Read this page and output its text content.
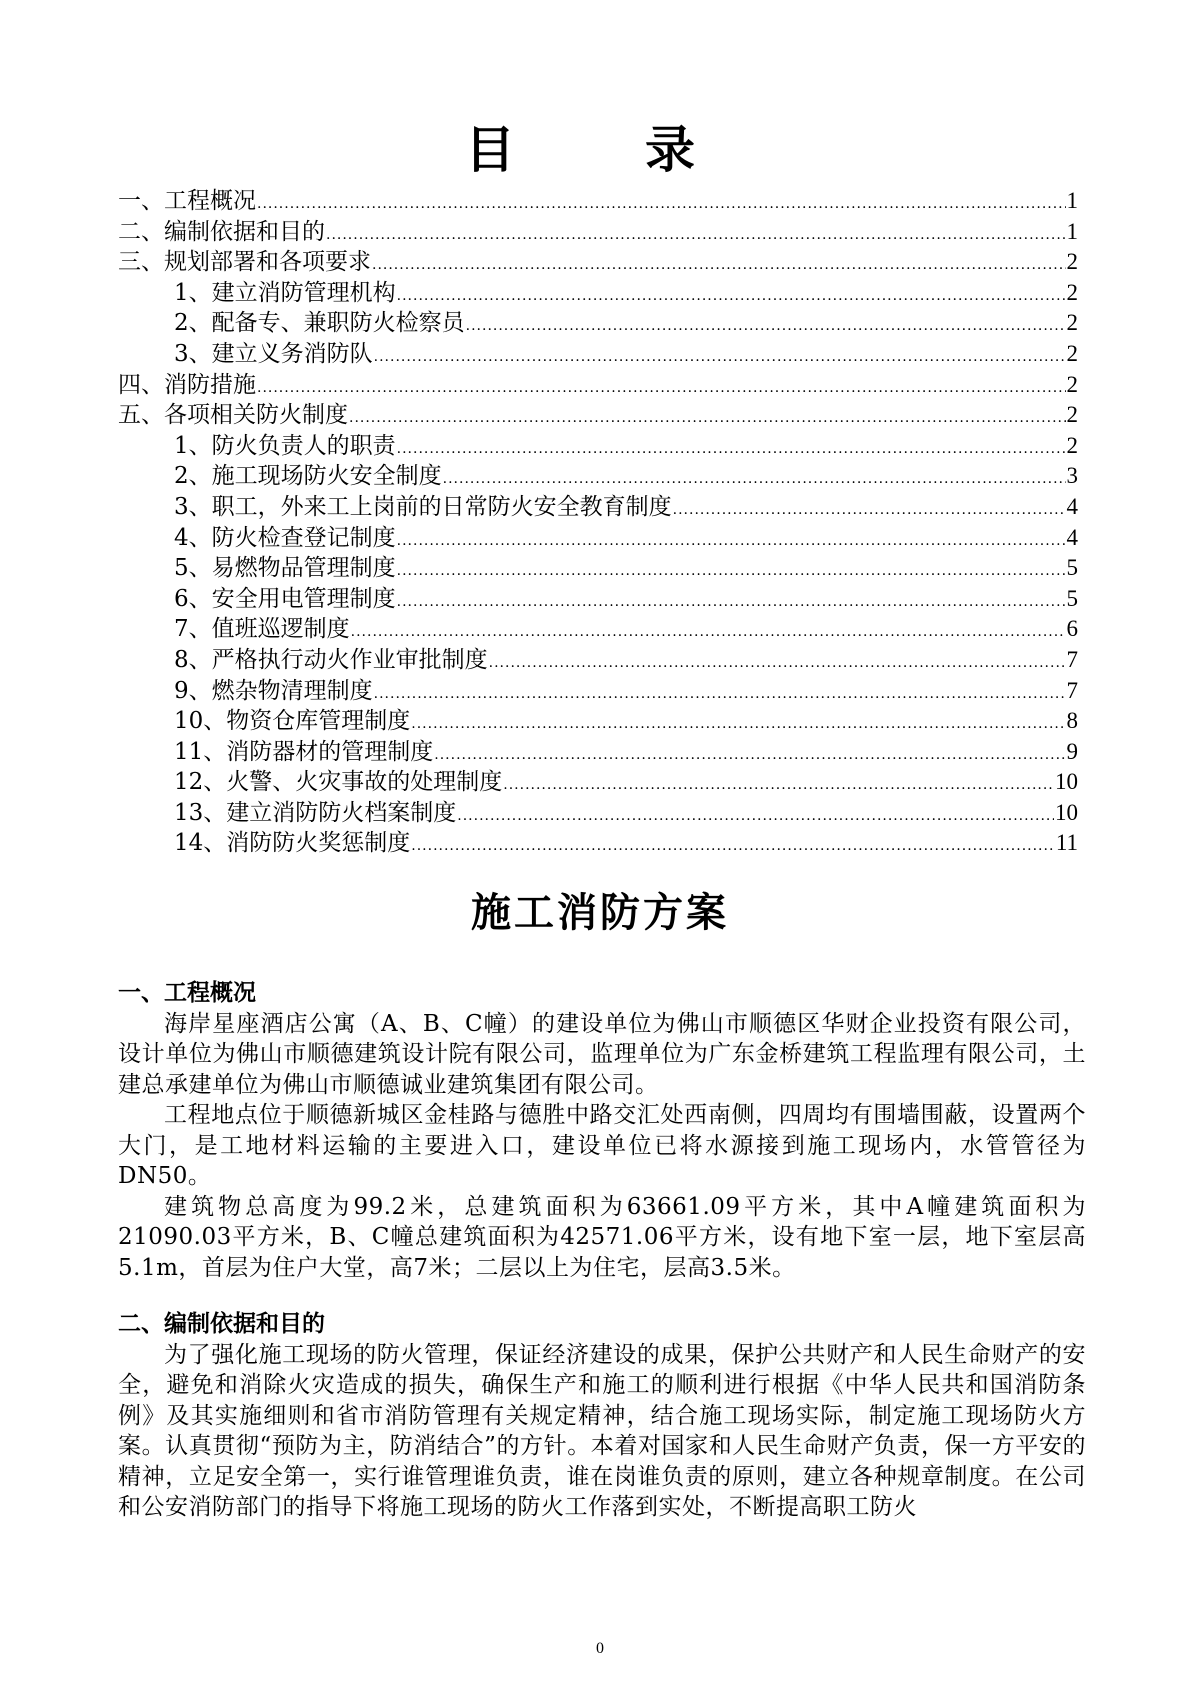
目　录
一、工程概况 .....	1
二、编制依据和目的 .....	1
三、规划部署和各项要求 .....	2
1、建立消防管理机构 .....	2
2、配备专、兼职防火检察员 .....	2
3、建立义务消防队 .....	2
四、消防措施 .....	2
五、各项相关防火制度 .....	2
1、防火负责人的职责 .....	2
2、施工现场防火安全制度 .....	3
3、职工，外来工上岗前的日常防火安全教育制度 .....	4
4、防火检查登记制度 .....	4
5、易燃物品管理制度 .....	5
6、安全用电管理制度 .....	5
7、值班巡逻制度 .....	6
8、严格执行动火作业审批制度 .....	7
9、燃杂物清理制度 .....	7
10、物资仓库管理制度 .....	8
11、消防器材的管理制度 .....	9
12、火警、火灾事故的处理制度 .....	10
13、建立消防防火档案制度 .....	10
14、消防防火奖惩制度 .....	11
施工消防方案
一、工程概况

海岸星座酒店公寓（A、B、C幢）的建设单位为佛山市顺德区华财企业投资有限公司，设计单位为佛山市顺德建筑设计院有限公司，监理单位为广东金桥建筑工程监理有限公司，土建总承建单位为佛山市顺德诚业建筑集团有限公司。

工程地点位于顺德新城区金桂路与德胜中路交汇处西南侧，四周均有围墙围蔽，设置两个大门，是工地材料运输的主要进入口，建设单位已将水源接到施工现场内，水管管径为DN50。

建筑物总高度为99.2米，总建筑面积为63661.09平方米，其中A幢建筑面积为21090.03平方米，B、C幢总建筑面积为42571.06平方米，设有地下室一层，地下室层高5.1m，首层为住户大堂，高7米；二层以上为住宅，层高3.5米。

二、编制依据和目的

为了强化施工现场的防火管理，保证经济建设的成果，保护公共财产和人民生命财产的安全，避免和消除火灾造成的损失，确保生产和施工的顺利进行根据《中华人民共和国消防条例》及其实施细则和省市消防管理有关规定精神，结合施工现场实际，制定施工现场防火方案。认真贯彻“预防为主，防消结合”的方针。本着对国家和人民生命财产负责，保一方平安的精神，立足安全第一，实行谁管理谁负责，谁在岗谁负责的原则，建立各种规章制度。在公司和公安消防部门的指导下将施工现场的防火工作落到实处，不断提高职工防火

0
